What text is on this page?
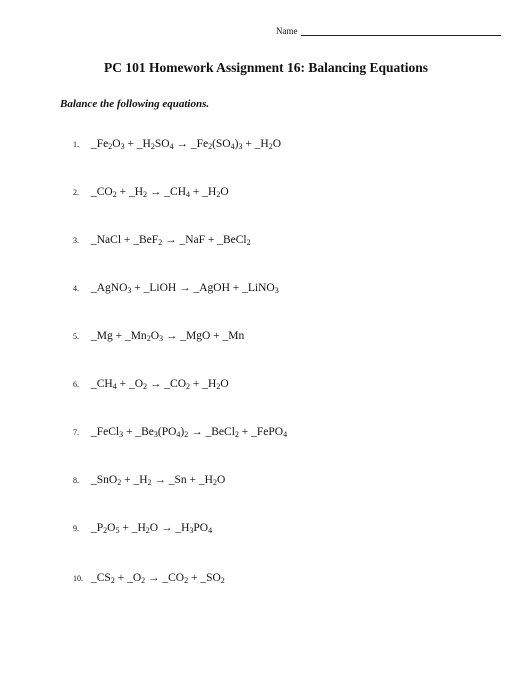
Name
PC 101 Homework Assignment 16: Balancing Equations
Balance the following equations.
1. $\_Fe_2O_3$ + $\_H_2SO_4$ → $\_Fe_2(SO_4)_3$ + $\_H_2O$
2. $\_CO_2$ + $\_H_2$ → $\_CH_4$ + $\_H_2O$
3. _NaCl + _BeF$_2$ → _NaF + _BeCl$_2$
4. _AgNO$_3$ + _LiOH → _AgOH + _LiNO$_3$
5. _Mg + $\_Mn_2O_3$ → _MgO + _Mn
6. $\_CH_4$ + $\_O_2$ → $\_CO_2$ + $\_H_2O$
7. _FeCl$_3$ + $\_Be_3(PO_4)_2$ → _BeCl$_2$ + _FePO$_4$
8. _SnO$_2$ + $\_H_2$ → _Sn + $\_H_2O$
9. $\_P_2O_5$ + $\_H_2O$ → $\_H_3PO_4$
10. $\_CS_2$ + $\_O_2$ → $\_CO_2$ + $\_SO_2$
